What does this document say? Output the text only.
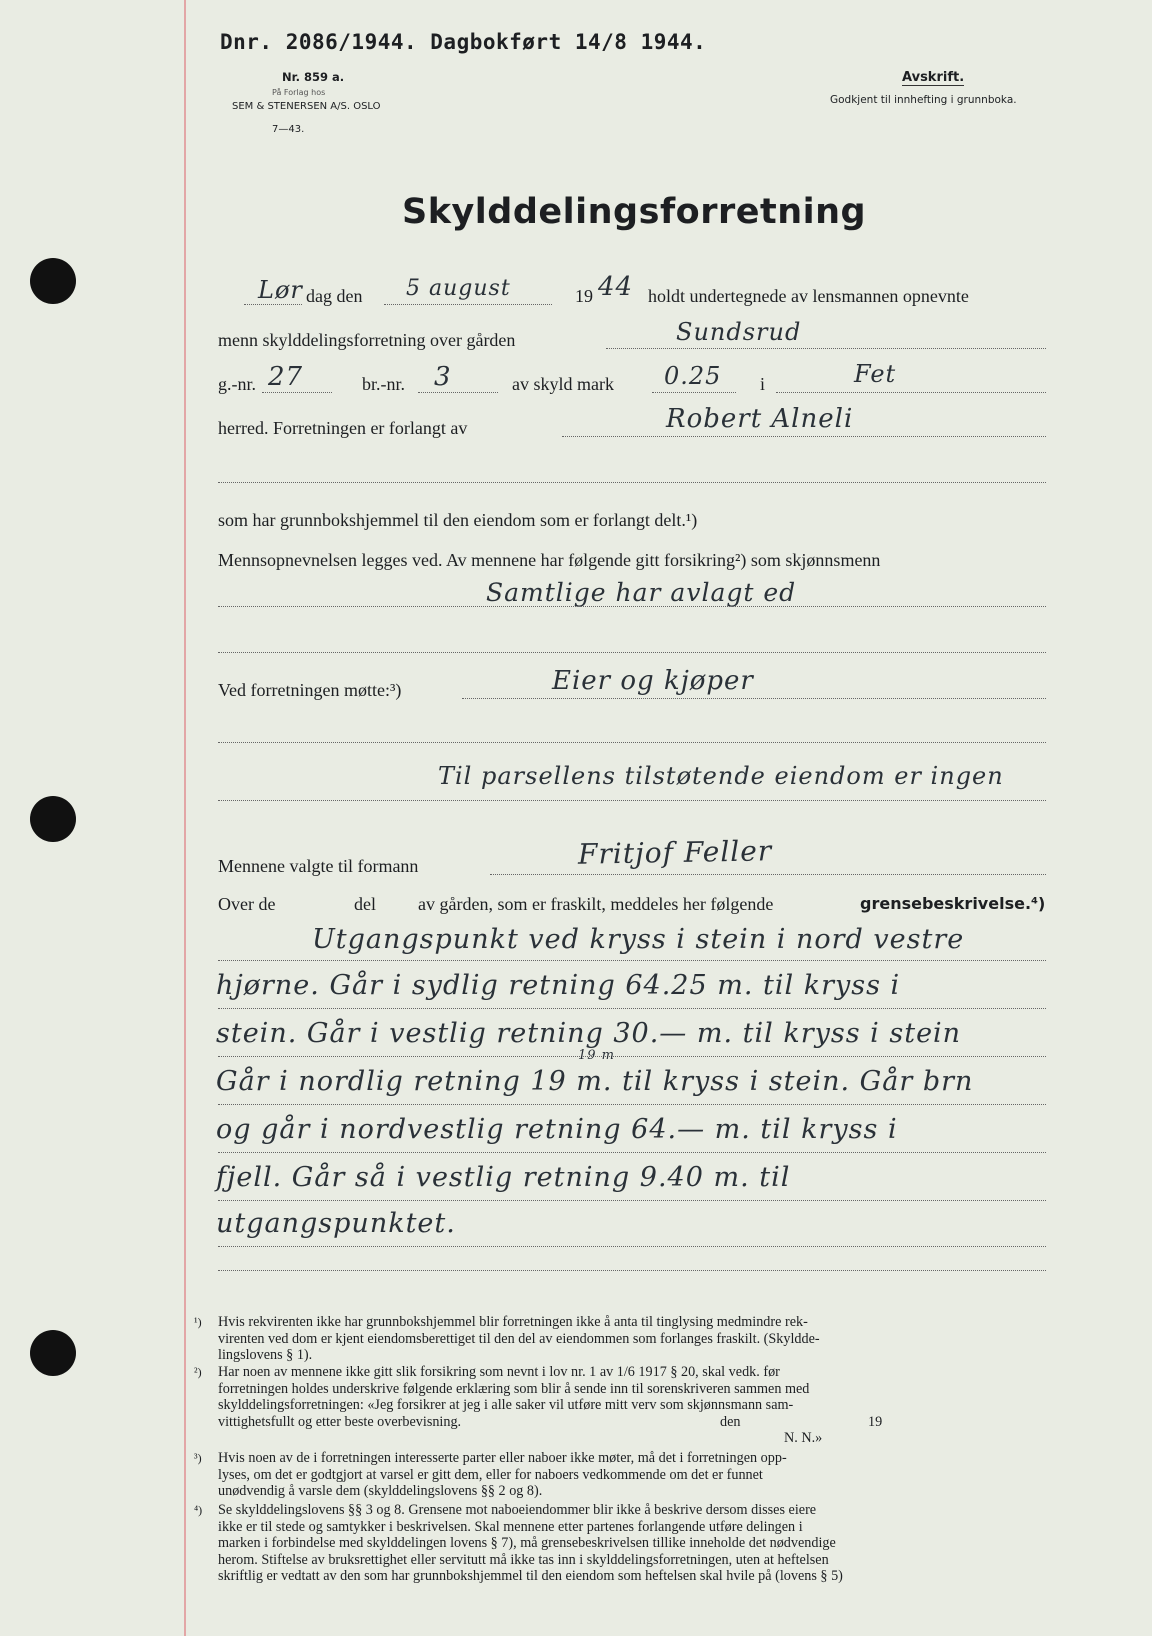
Dnr. 2086/1944. Dagbokført 14/8 1944.
Nr. 859 a.
På Forlag hos
SEM & STENERSEN A/S. OSLO
7—43.
Avskrift.
Godkjent til innhefting i grunnboka.
Skylddelingsforretning
Lør dag den 5 august	19 44 holdt undertegnede av lensmannen opnevnte
menn skylddelingsforretning over gården	Sundsrud
g.-nr. 27	br.-nr. 3	av skyld mark 0.25 i	Fet
herred. Forretningen er forlangt av	Robert Alneli
som har grunnbokshjemmel til den eiendom som er forlangt delt.¹)
Mennsopnevnelsen legges ved. Av mennene har følgende gitt forsikring²) som skjønnsmenn
Samtlige har avlagt ed
Ved forretningen møtte:³)	Eier og kjøper
Til parsellens tilstøtende eiendom er ingen
Mennene valgte til formann	Fritjof Feller
Over de	del av gården, som er fraskilt, meddeles her følgende	grensebeskrivelse.⁴)
Utgangspunkt ved kryss i stein i nord vestre
hjørne. Går i sydlig retning 64.25 m. til kryss i
stein. Går i vestlig retning 30.— m. til kryss i stein
19 m
Går i nordlig retning 19 m. til kryss i stein. Går brn
og går i nordvestlig retning 64.— m. til kryss i
fjell. Går så i vestlig retning 9.40 m. til
utgangspunktet.
¹) Hvis rekvirenten ikke har grunnbokshjemmel blir forretningen ikke å anta til tinglysing medmindre rek-
virenten ved dom er kjent eiendomsberettiget til den del av eiendommen som forlanges fraskilt. (Skyldde-
lingslovens § 1).
²) Har noen av mennene ikke gitt slik forsikring som nevnt i lov nr. 1 av 1/6 1917 § 20, skal vedk. før
forretningen holdes underskrive følgende erklæring som blir å sende inn til sorenskriveren sammen med
skylddelingsforretningen: «Jeg forsikrer at jeg i alle saker vil utføre mitt verv som skjønnsmann sam-
vittighetsfullt og etter beste overbevisning.	den	19
N. N.»
³) Hvis noen av de i forretningen interesserte parter eller naboer ikke møter, må det i forretningen opp-
lyses, om det er godtgjort at varsel er gitt dem, eller for naboers vedkommende om det er funnet
unødvendig å varsle dem (skylddelingslovens §§ 2 og 8).
⁴) Se skylddelingslovens §§ 3 og 8. Grensene mot naboeiendommer blir ikke å beskrive dersom disses eiere
ikke er til stede og samtykker i beskrivelsen. Skal mennene etter partenes forlangende utføre delingen i
marken i forbindelse med skylddelingen lovens § 7), må grensebeskrivelsen tillike inneholde det nødvendige
herom. Stiftelse av bruksrettighet eller servitutt må ikke tas inn i skylddelingsforretningen, uten at heftelsen
skriftlig er vedtatt av den som har grunnbokshjemmel til den eiendom som heftelsen skal hvile på (lovens § 5)
